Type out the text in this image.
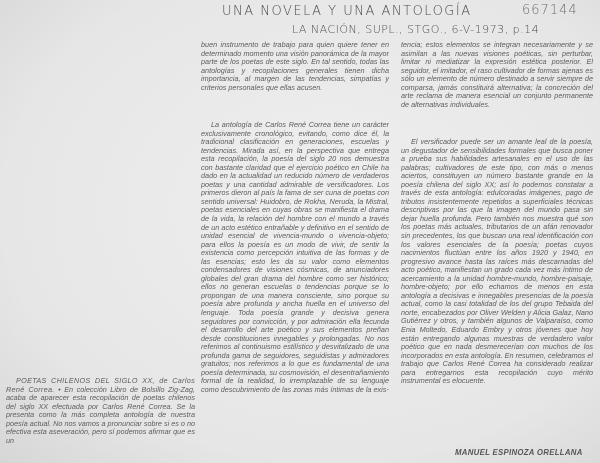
UNA NOVELA Y UNA ANTOLOGÍA
LA NACIÓN, SUPL., STGO., 6-V-1973, p.14
667144

POETAS CHILENOS DEL SIGLO XX, de Carlos René Correa. • En colección Libro de Bolsillo Zig-Zag, acaba de aparecer esta recopilación de poetas chilenos del siglo XX efectuada por Carlos René Correa. Se la presenta como la más completa antología de nuestra poesía actual. No nos vamos a pronunciar sobre si es o no efectiva esta aseveración, pero sí podemos afirmar que es un

buen instrumento de trabajo para quien quiere tener en determinado momento una visión panorámica de la mayor parte de los poetas de este siglo. En tal sentido, todas las antologías y recopilaciones generales tienen dicha importancia, al margen de las tendencias, simpatías y criterios personales que ellas acusen.

La antología de Carlos René Correa tiene un carácter exclusivamente cronológico, evitando, como dice él, la tradicional clasificación en generaciones, escuelas y tendencias. Mirada así, en la perspectiva que entrega esta recopilación, la poesía del siglo 20 nos demuestra con bastante claridad que el ejercicio poético en Chile ha dado en la actualidad un reducido número de verdaderos poetas y una cantidad admirable de versificadores. Los primeros dieron al país la fama de ser cuna de poetas con sentido universal: Huidobro, de Rokha, Neruda, la Mistral, poetas esenciales en cuyas obras se manifiesta el drama de la vida, la relación del hombre con el mundo a través de un acto estético entrañable y definitivo en el sentido de unidad esencial de vivencia-mundo o vivencia-objeto; para ellos la poesía es un modo de vivir, de sentir la existencia como percepción intuitiva de las formas y de las esencias; esto les da su valor como elementos condensadores de visiones cósmicas, de anunciadores globales del gran drama del hombre como ser histórico; ellos no generan escuelas o tendencias porque se lo propongan de una manera consciente, sino porque su poesía abre profunda y ancha huella en el universo del lenguaje. Toda poesía grande y decisiva genera seguidores por convicción, y por admiración ella fecunda el desarrollo del arte poético y sus elementos preñan desde constituciones innegables y prolongadas. No nos referimos al continuismo estilístico y desvitalizado de una profunda gama de seguidores, seguidistas y admiradores gratuitos; nos referimos a lo que es fundamental de una poesía determinada, su cosmovisión, el desentrañamiento formal de la realidad, lo irremplazable de su lenguaje como descubrimiento de las zonas más íntimas de la exis-

tencia; estos elementos se integran necesariamente y se asimilan a las nuevas visiones poéticas, sin perturbar, limitar ni mediatizar la expresión estética posterior. El seguidor, el imitador, el raso cultivador de formas ajenas es sólo un elemento de número destinado a servir siempre de comparsa, jamás constituirá alternativa; la concreción del arte reclama de manera esencial un conjunto permanente de alternativas individuales.

El versificador puede ser un amante leal de la poesía, un degustador de sensibilidades formales que busca poner a prueba sus habilidades artesanales en el uso de las palabras; cultivadores de este tipo, con más o menos aciertos, constituyen un número bastante grande en la poesía chilena del siglo XX; así lo podemos constatar a través de esta antología: edulcoradas imágenes, pago de tributos insistentemente repetidos a superficiales técnicas descriptivas por las que la imagen del mundo pasa sin dejar huella profunda. Pero también nos muestra qué son los poetas más actuales, tributarios de un afán renovador sin precedentes, los que buscan una real identificación con los valores esenciales de la poesía; poetas cuyos nacimientos fluctúan entre los años 1920 y 1940, en progresivo avance hasta las raíces más descarnadas del acto poético, manifiestan un grado cada vez más íntimo de acercamiento a la unidad hombre-mundo, hombre-paisaje, hombre-objeto; por ello echamos de menos en esta antología a decisivas e innegables presencias de la poesía actual, como la casi totalidad de los del grupo Tebaida del norte, encabezados por Oliver Welden y Alicia Galaz, Nano Gutiérrez y otros, y también algunos de Valparaíso, como Enia Moltedo, Eduardo Embry y otros jóvenes que hoy están entregando algunas muestras de verdadero valor poético que en nada desmerecerían con muchos de los incorporados en esta antología. En resumen, celebramos el trabajo que Carlos René Correa ha considerado realizar para entregarnos esta recopilación cuyo mérito instrumental es elocuente.

MANUEL ESPINOZA ORELLANA
